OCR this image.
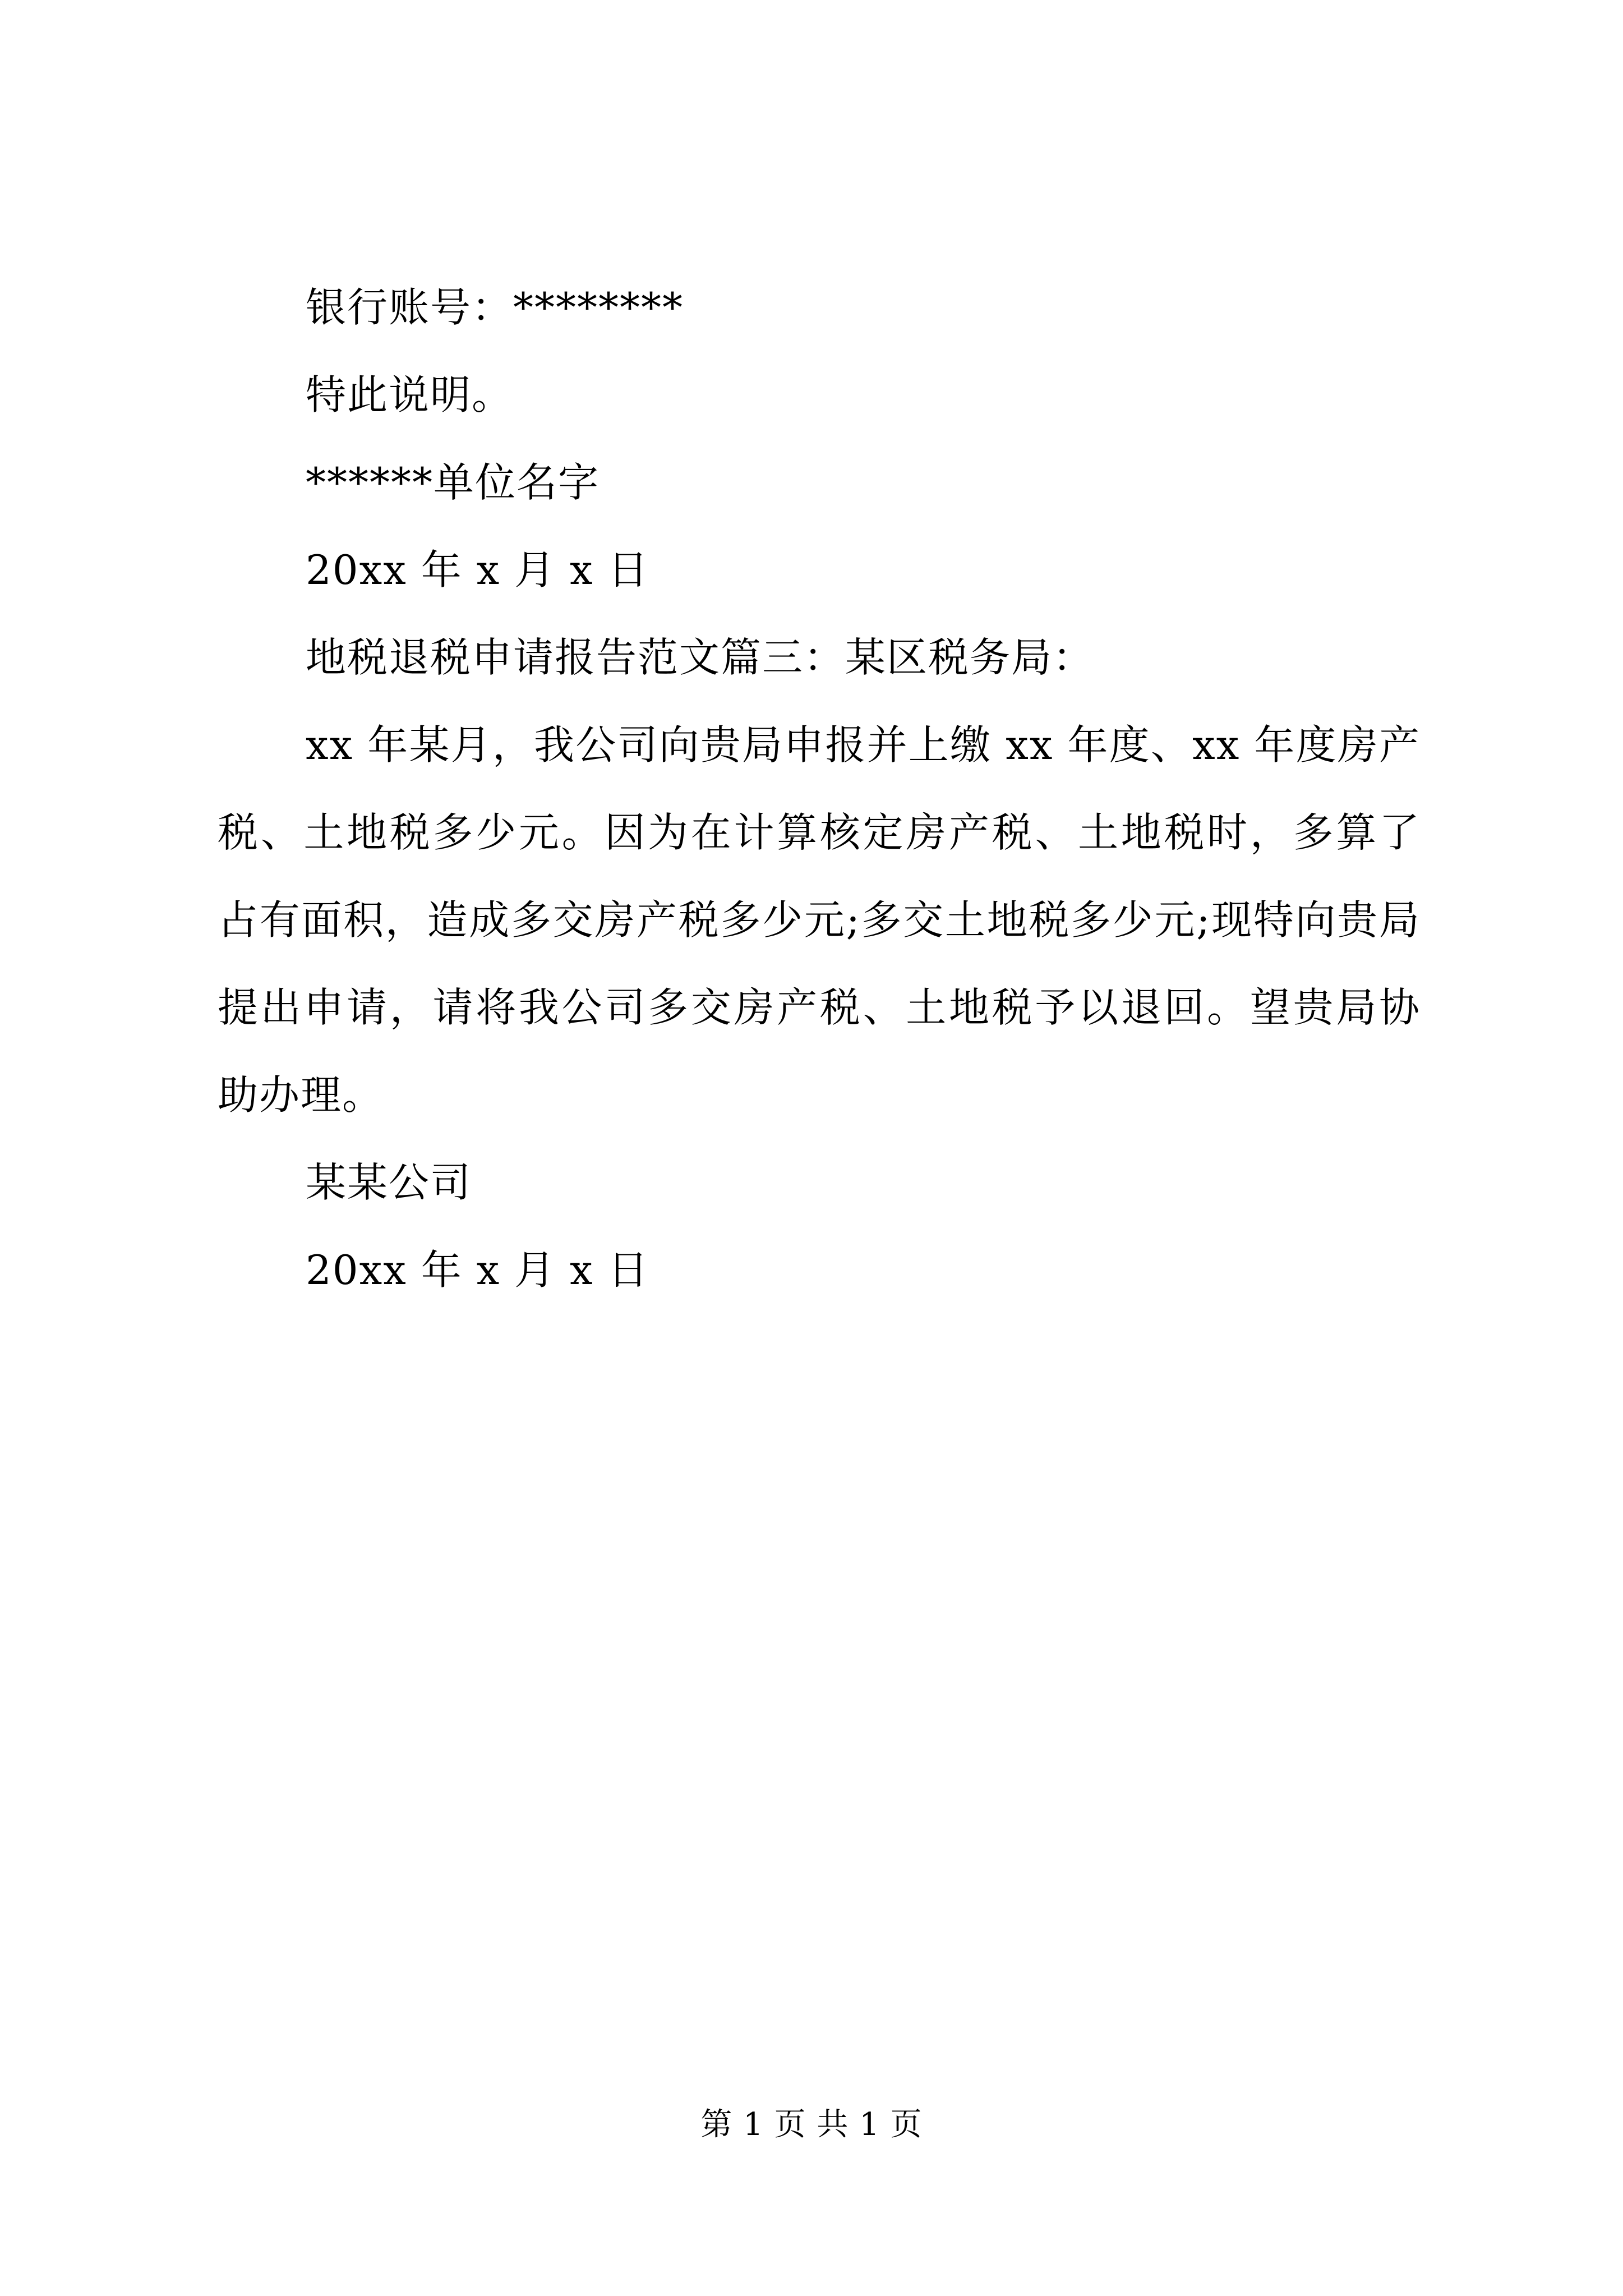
银行账号：********
特此说明。
******单位名字
20xx 年 x 月 x 日
地税退税申请报告范文篇三：某区税务局：

xx 年某月，我公司向贵局申报并上缴 xx 年度、xx 年度房产税、土地税多少元。因为在计算核定房产税、土地税时，多算了占有面积，造成多交房产税多少元;多交土地税多少元;现特向贵局提出申请，请将我公司多交房产税、土地税予以退回。望贵局协助办理。

某某公司
20xx 年 x 月 x 日
第 1 页 共 1 页
